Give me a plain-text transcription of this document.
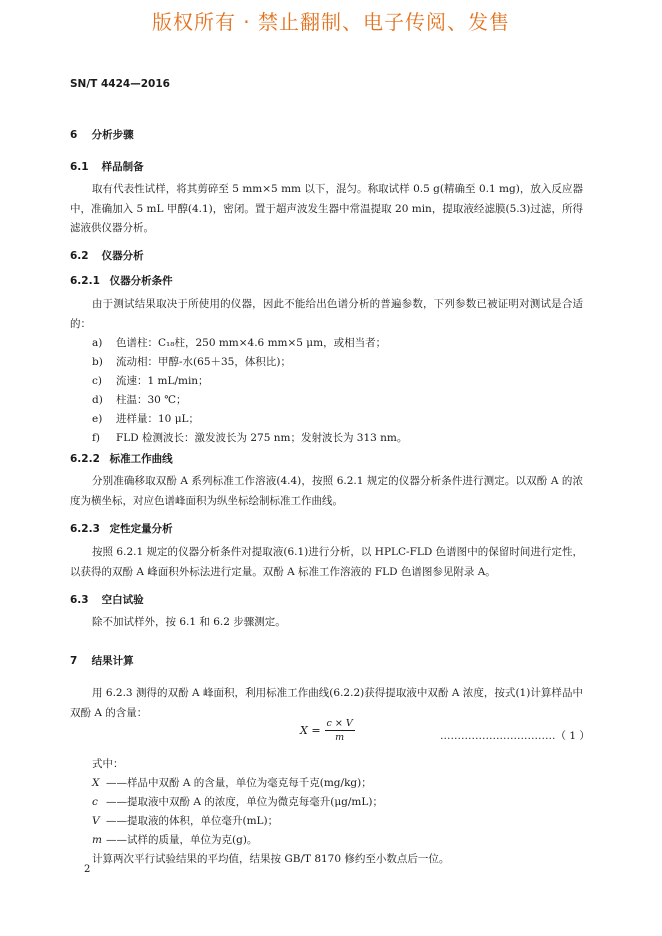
版权所有 · 禁止翻制、电子传阅、发售
SN/T 4424—2016
6 分析步骤
6.1 样品制备
取有代表性试样，将其剪碎至 5 mm×5 mm 以下，混匀。称取试样 0.5 g(精确至 0.1 mg)，放入反应器中，准确加入 5 mL 甲醇(4.1)，密闭。置于超声波发生器中常温提取 20 min，提取液经滤膜(5.3)过滤，所得滤液供仪器分析。
6.2 仪器分析
6.2.1 仪器分析条件
由于测试结果取决于所使用的仪器，因此不能给出色谱分析的普遍参数，下列参数已被证明对测试是合适的：
a) 色谱柱：C₁₈柱，250 mm×4.6 mm×5 μm，或相当者；
b) 流动相：甲醇-水(65＋35，体积比)；
c) 流速：1 mL/min；
d) 柱温：30 ℃；
e) 进样量：10 μL；
f) FLD 检测波长：激发波长为 275 nm；发射波长为 313 nm。
6.2.2 标准工作曲线
分别准确移取双酚 A 系列标准工作溶液(4.4)，按照 6.2.1 规定的仪器分析条件进行测定。以双酚 A 的浓度为横坐标，对应色谱峰面积为纵坐标绘制标准工作曲线。
6.2.3 定性定量分析
按照 6.2.1 规定的仪器分析条件对提取液(6.1)进行分析，以 HPLC-FLD 色谱图中的保留时间进行定性，以获得的双酚 A 峰面积外标法进行定量。双酚 A 标准工作溶液的 FLD 色谱图参见附录 A。
6.3 空白试验
除不加试样外，按 6.1 和 6.2 步骤测定。
7 结果计算
用 6.2.3 测得的双酚 A 峰面积，利用标准工作曲线(6.2.2)获得提取液中双酚 A 浓度，按式(1)计算样品中双酚 A 的含量：
$X = \frac{c \times V}{m}$	……………………………（ 1 ）
式中：
X ——样品中双酚 A 的含量，单位为毫克每千克(mg/kg)；
c ——提取液中双酚 A 的浓度，单位为微克每毫升(μg/mL)；
V ——提取液的体积，单位毫升(mL)；
m ——试样的质量，单位为克(g)。
计算两次平行试验结果的平均值，结果按 GB/T 8170 修约至小数点后一位。
2
